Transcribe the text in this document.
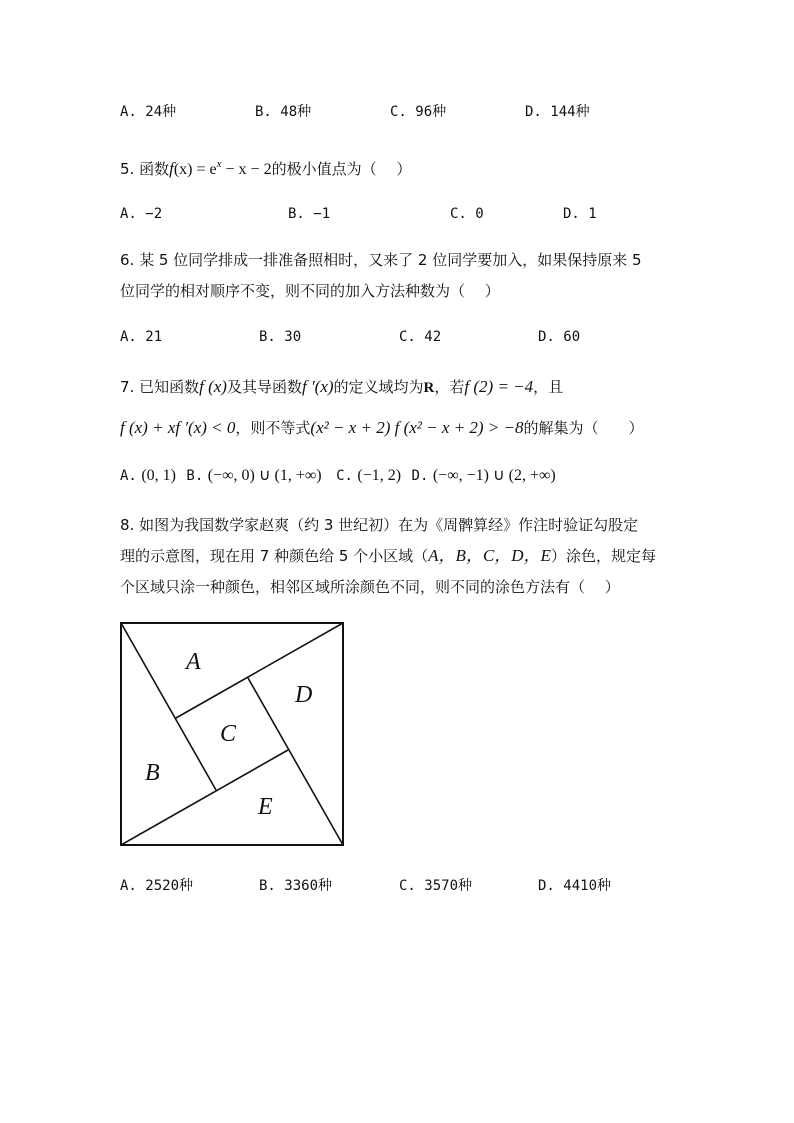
A. 24种	B. 48种	C. 96种	D. 144种
5. 函数$f(x) = e^x - x - 2$的极小值点为（　 ）
A. −2	B. −1	C. 0	D. 1
6. 某 5 位同学排成一排准备照相时，又来了 2 位同学要加入，如果保持原来 5
位同学的相对顺序不变，则不同的加入方法种数为（　 ）
A. 21	B. 30	C. 42	D. 60
7. 已知函数f (x)及其导函数f ′(x)的定义域均为R，若f (2) = −4，且
f (x) + xf ′(x) < 0，则不等式(x² − x + 2) f (x² − x + 2) > −8的解集为（　　）
A. (0, 1) B. (−∞, 0) ∪ (1, +∞) C. (−1, 2) D. (−∞, −1) ∪ (2, +∞)
8. 如图为我国数学家赵爽（约 3 世纪初）在为《周髀算经》作注时验证勾股定
理的示意图，现在用 7 种颜色给 5 个小区域（A，B，C，D，E）涂色，规定每
个区域只涂一种颜色，相邻区域所涂颜色不同，则不同的涂色方法有（　 ）
A
B
C
D
E
A. 2520种	B. 3360种	C. 3570种	D. 4410种
